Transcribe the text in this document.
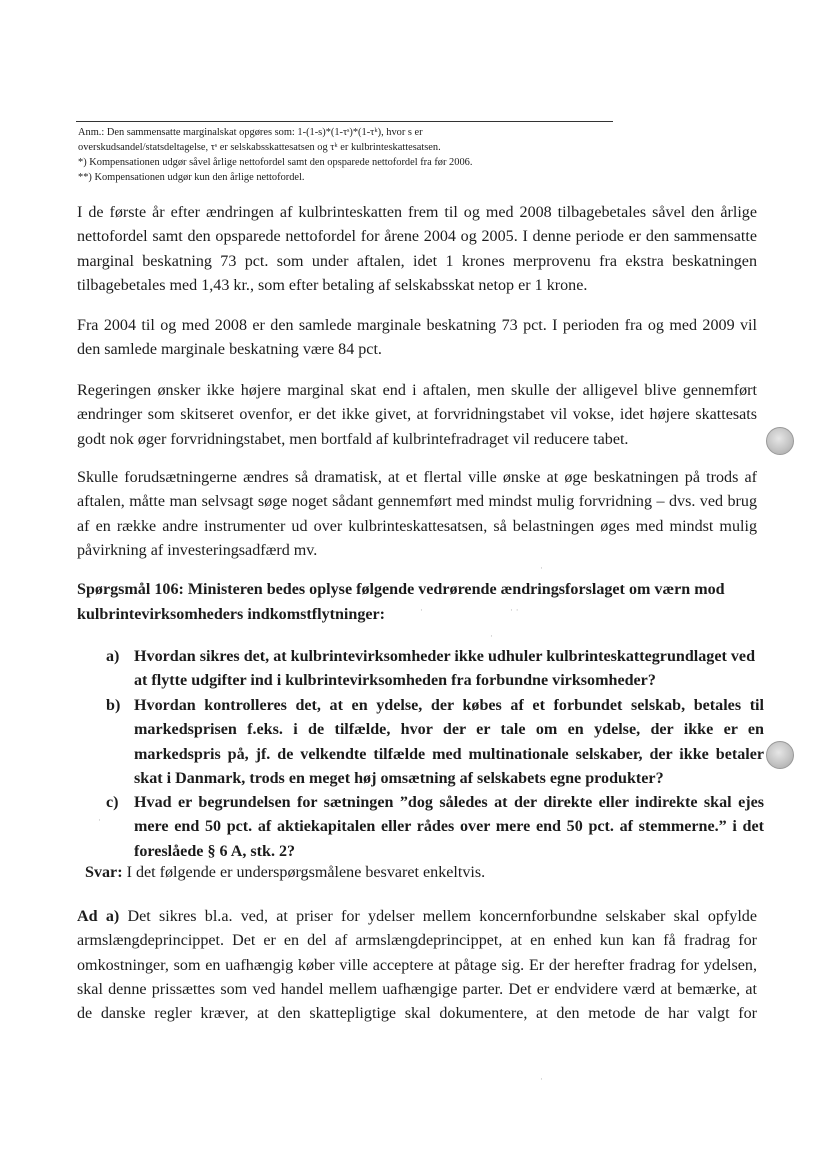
Anm.: Den sammensatte marginalskat opgøres som: 1-(1-s)*(1-τˢ)*(1-τᵏ), hvor s er

overskudsandel/statsdeltagelse, τˢ er selskabsskattesatsen og τᵏ er kulbrinteskattesatsen.

*) Kompensationen udgør såvel årlige nettofordel samt den opsparede nettofordel fra før 2006.

**) Kompensationen udgør kun den årlige nettofordel.

I de første år efter ændringen af kulbrinteskatten frem til og med 2008 tilbagebetales såvel den årlige
nettofordel samt den opsparede nettofordel for årene 2004 og 2005. I denne periode er den sammensatte
marginal beskatning 73 pct. som under aftalen, idet 1 krones merprovenu fra ekstra beskatningen
tilbagebetales med 1,43 kr., som efter betaling af selskabsskat netop er 1 krone.
Fra 2004 til og med 2008 er den samlede marginale beskatning 73 pct. I perioden fra og med 2009 vil
den samlede marginale beskatning være 84 pct.
Regeringen ønsker ikke højere marginal skat end i aftalen, men skulle der alligevel blive gennemført
ændringer som skitseret ovenfor, er det ikke givet, at forvridningstabet vil vokse, idet højere skattesats
godt nok øger forvridningstabet, men bortfald af kulbrintefradraget vil reducere tabet.
Skulle forudsætningerne ændres så dramatisk, at et flertal ville ønske at øge beskatningen på trods af
aftalen, måtte man selvsagt søge noget sådant gennemført med mindst mulig forvridning – dvs. ved brug
af en række andre instrumenter ud over kulbrinteskattesatsen, så belastningen øges med mindst mulig
påvirkning af investeringsadfærd mv.
Spørgsmål 106: Ministeren bedes oplyse følgende vedrørende ændringsforslaget om værn mod
kulbrintevirksomheders indkomstflytninger:
a) Hvordan sikres det, at kulbrintevirksomheder ikke udhuler kulbrinteskattegrundlaget ved
at flytte udgifter ind i kulbrintevirksomheden fra forbundne virksomheder?
b) Hvordan kontrolleres det, at en ydelse, der købes af et forbundet selskab, betales til
markedsprisen f.eks. i de tilfælde, hvor der er tale om en ydelse, der ikke er en
markedspris på, jf. de velkendte tilfælde med multinationale selskaber, der ikke betaler
skat i Danmark, trods en meget høj omsætning af selskabets egne produkter?
c) Hvad er begrundelsen for sætningen ”dog således at der direkte eller indirekte skal ejes
mere end 50 pct. af aktiekapitalen eller rådes over mere end 50 pct. af stemmerne.” i det
foreslåede § 6 A, stk. 2?
Svar: I det følgende er underspørgsmålene besvaret enkeltvis.
Ad a) Det sikres bl.a. ved, at priser for ydelser mellem koncernforbundne selskaber skal opfylde
armslængdeprincippet. Det er en del af armslængdeprincippet, at en enhed kun kan få fradrag for
omkostninger, som en uafhængig køber ville acceptere at påtage sig. Er der herefter fradrag for ydelsen,
skal denne prissættes som ved handel mellem uafhængige parter. Det er endvidere værd at bemærke, at
de danske regler kræver, at den skattepligtige skal dokumentere, at den metode de har valgt for
·
·	· ·
·
·
·
